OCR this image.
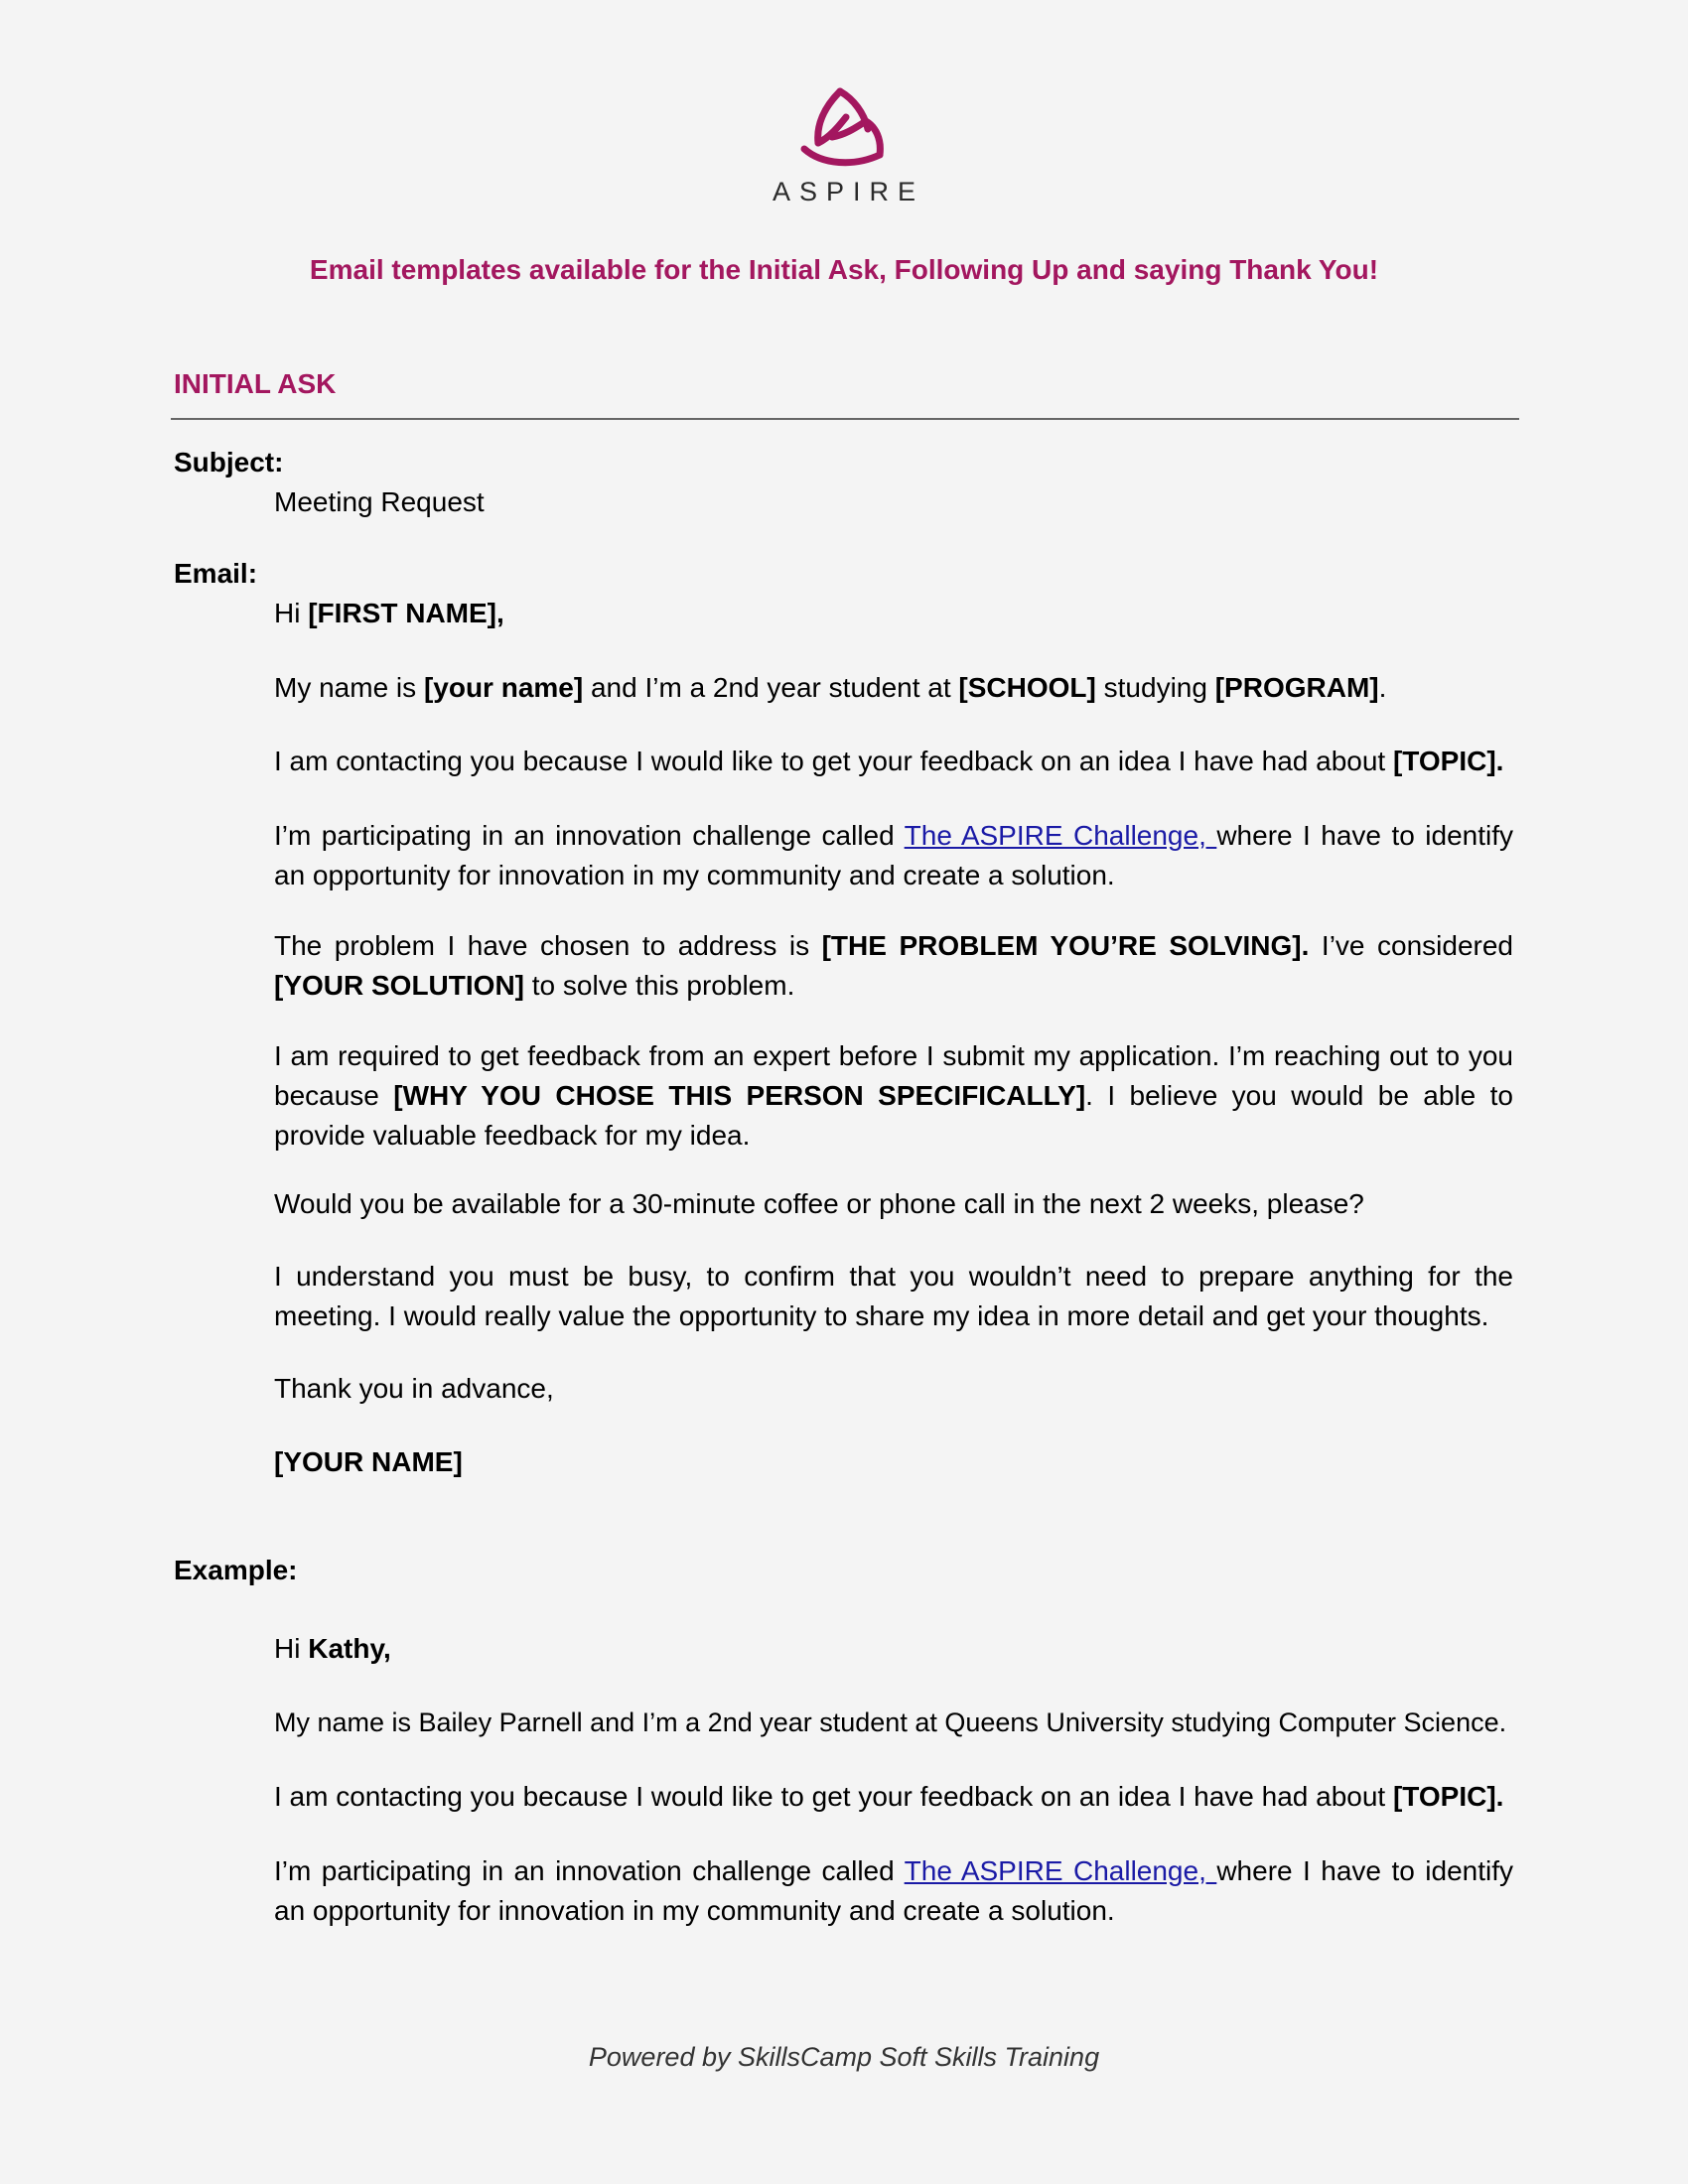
ASPIRE
Email templates available for the Initial Ask, Following Up and saying Thank You!
INITIAL ASK
Subject:
Meeting Request
Email:
Hi [FIRST NAME],
My name is [your name] and I’m a 2nd year student at [SCHOOL] studying [PROGRAM].
I am contacting you because I would like to get your feedback on an idea I have had about [TOPIC].
I’m participating in an innovation challenge called The ASPIRE Challenge, where I have to identify an opportunity for innovation in my community and create a solution.
The problem I have chosen to address is [THE PROBLEM YOU’RE SOLVING]. I’ve considered [YOUR SOLUTION] to solve this problem.
I am required to get feedback from an expert before I submit my application. I’m reaching out to you because [WHY YOU CHOSE THIS PERSON SPECIFICALLY]. I believe you would be able to provide valuable feedback for my idea.
Would you be available for a 30-minute coffee or phone call in the next 2 weeks, please?
I understand you must be busy, to confirm that you wouldn’t need to prepare anything for the meeting. I would really value the opportunity to share my idea in more detail and get your thoughts.
Thank you in advance,
[YOUR NAME]
Example:
Hi Kathy,
My name is Bailey Parnell and I’m a 2nd year student at Queens University studying Computer Science.
I am contacting you because I would like to get your feedback on an idea I have had about [TOPIC].
I’m participating in an innovation challenge called The ASPIRE Challenge, where I have to identify an opportunity for innovation in my community and create a solution.
Powered by SkillsCamp Soft Skills Training
